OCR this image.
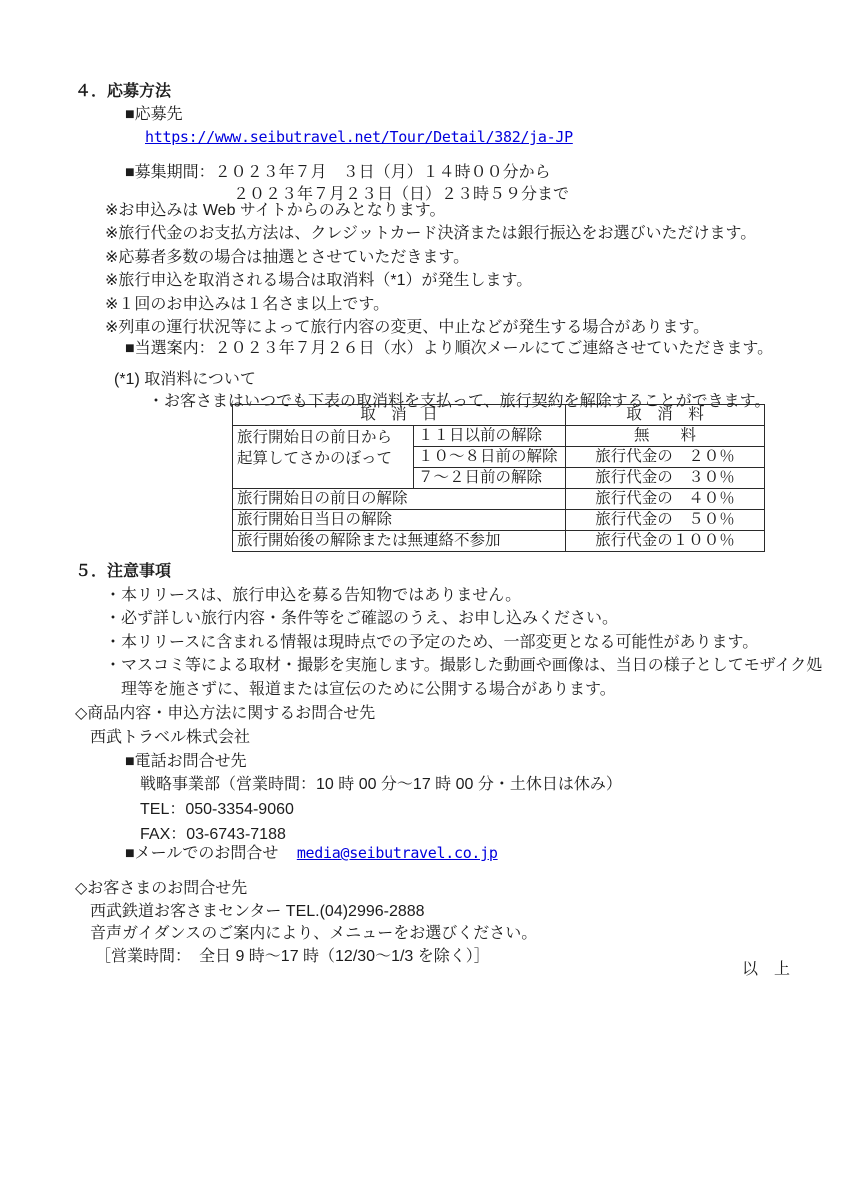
４．応募方法
■応募先
https://www.seibutravel.net/Tour/Detail/382/ja-JP
■募集期間：２０２３年７月　３日（月）１４時００分から
２０２３年７月２３日（日）２３時５９分まで
※お申込みは Web サイトからのみとなります。
※旅行代金のお支払方法は、クレジットカード決済または銀行振込をお選びいただけます。
※応募者多数の場合は抽選とさせていただきます。
※旅行申込を取消される場合は取消料（*1）が発生します。
※１回のお申込みは１名さま以上です。
※列車の運行状況等によって旅行内容の変更、中止などが発生する場合があります。
■当選案内：２０２３年７月２６日（水）より順次メールにてご連絡させていただきます。
(*1) 取消料について
・お客さまはいつでも下表の取消料を支払って、旅行契約を解除することができます。
取　消　日		取　消　料

旅行開始日の前日から
起算してさかのぼって	１１日以前の解除	無　　料
	１０～８日前の解除	旅行代金の　２０％
	７～２日前の解除	旅行代金の　３０％
旅行開始日の前日の解除		旅行代金の　４０％
旅行開始日当日の解除		旅行代金の　５０％
旅行開始後の解除または無連絡不参加		旅行代金の１００％
５．注意事項
・本リリースは、旅行申込を募る告知物ではありません。
・必ず詳しい旅行内容・条件等をご確認のうえ、お申し込みください。
・本リリースに含まれる情報は現時点での予定のため、一部変更となる可能性があります。
・マスコミ等による取材・撮影を実施します。撮影した動画や画像は、当日の様子としてモザイク処理等を施さずに、報道または宣伝のために公開する場合があります。
◇商品内容・申込方法に関するお問合せ先
西武トラベル株式会社
■電話お問合せ先
戦略事業部（営業時間：10 時 00 分～17 時 00 分・土休日は休み）
TEL：050-3354-9060
FAX：03-6743-7188
■メールでのお問合せ media@seibutravel.co.jp
◇お客さまのお問合せ先
西武鉄道お客さまセンター TEL.(04)2996-2888
音声ガイダンスのご案内により、メニューをお選びください。
［営業時間：　全日 9 時～17 時（12/30～1/3 を除く）］
以　上
